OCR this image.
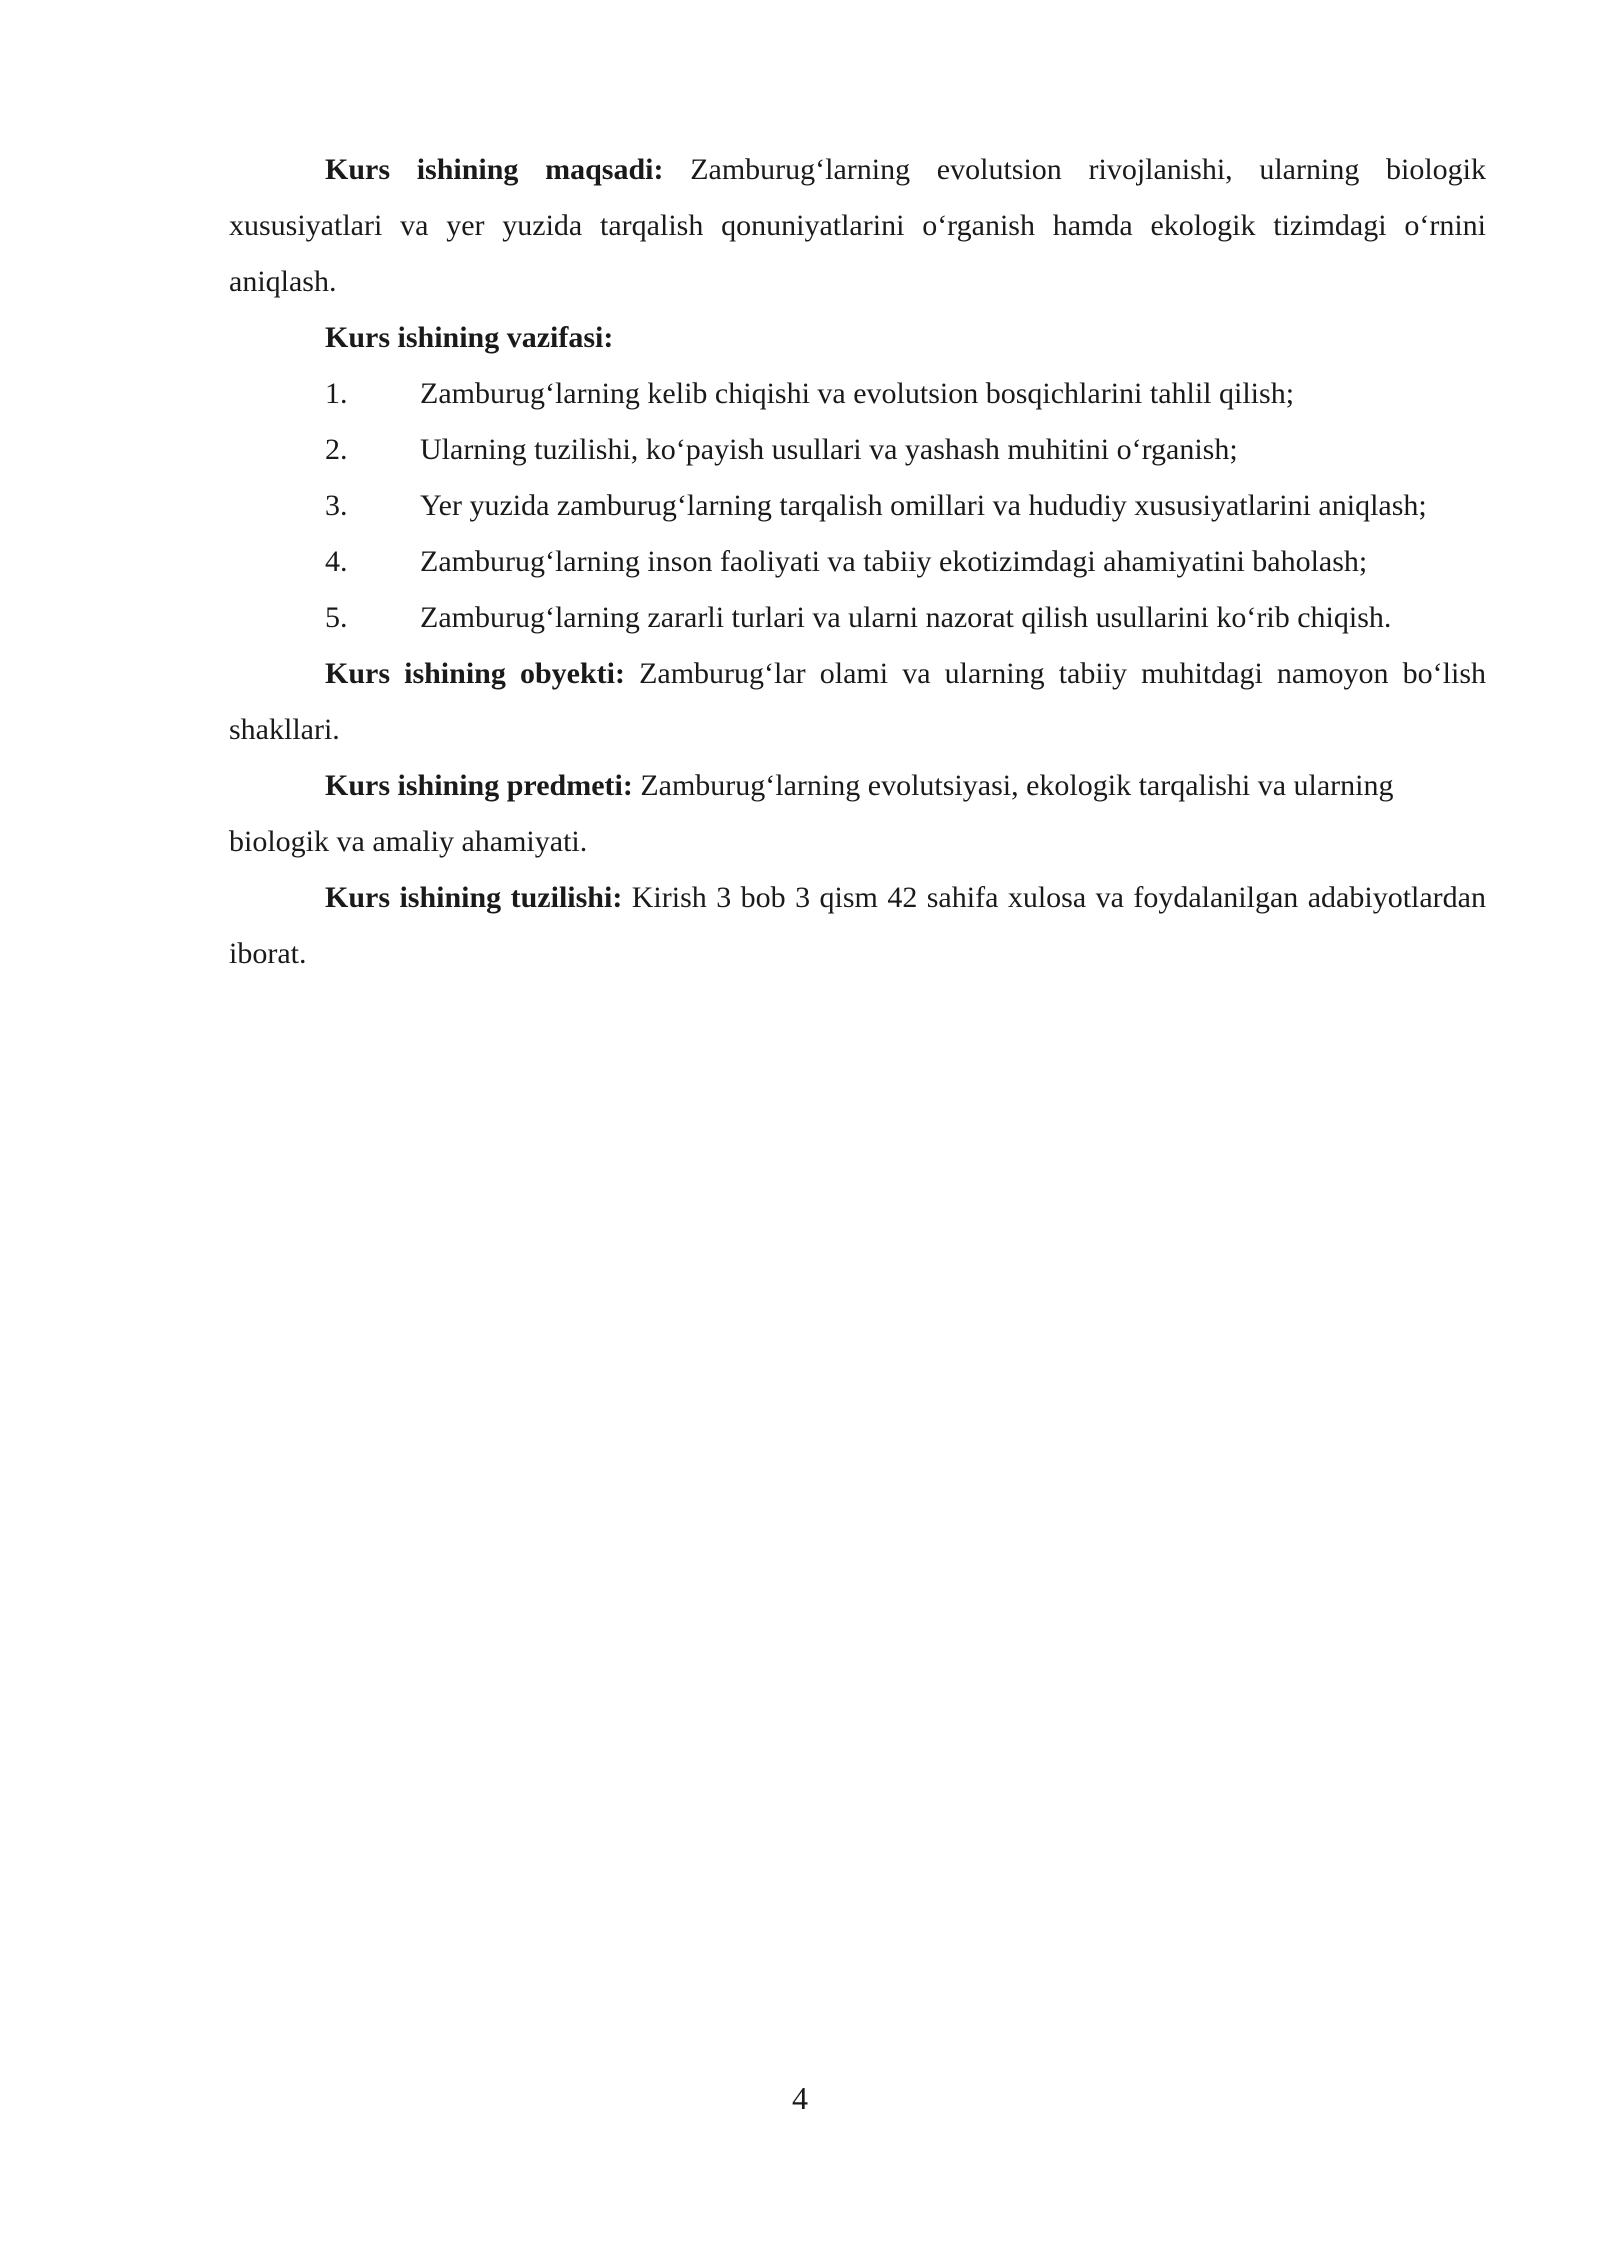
Kurs ishining maqsadi: Zamburug‘larning evolutsion rivojlanishi, ularning biologik xususiyatlari va yer yuzida tarqalish qonuniyatlarini o‘rganish hamda ekologik tizimdagi o‘rnini aniqlash.

Kurs ishining vazifasi:

1. Zamburug‘larning kelib chiqishi va evolutsion bosqichlarini tahlil qilish;

2. Ularning tuzilishi, ko‘payish usullari va yashash muhitini o‘rganish;

3. Yer yuzida zamburug‘larning tarqalish omillari va hududiy xususiyatlarini aniqlash;

4. Zamburug‘larning inson faoliyati va tabiiy ekotizimdagi ahamiyatini baholash;

5. Zamburug‘larning zararli turlari va ularni nazorat qilish usullarini ko‘rib chiqish.

Kurs ishining obyekti: Zamburug‘lar olami va ularning tabiiy muhitdagi namoyon bo‘lish shakllari.

Kurs ishining predmeti: Zamburug‘larning evolutsiyasi, ekologik tarqalishi va ularning biologik va amaliy ahamiyati.

Kurs ishining tuzilishi: Kirish 3 bob 3 qism 42 sahifa xulosa va foydalanilgan adabiyotlardan iborat.

4
